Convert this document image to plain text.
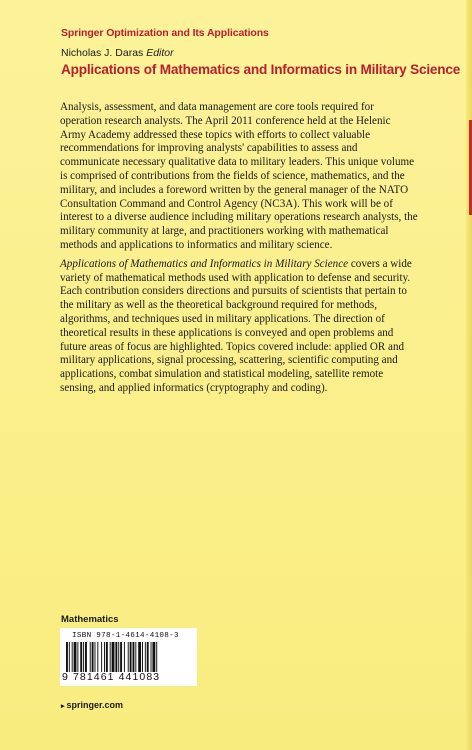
Springer Optimization and Its Applications
Nicholas J. Daras Editor
Applications of Mathematics and Informatics in Military Science

Analysis, assessment, and data management are core tools required for operation research analysts. The April 2011 conference held at the Helenic Army Academy addressed these topics with efforts to collect valuable recommendations for improving analysts' capabilities to assess and communicate necessary qualitative data to military leaders. This unique volume is comprised of contributions from the fields of science, mathematics, and the military, and includes a foreword written by the general manager of the NATO Consultation Command and Control Agency (NC3A). This work will be of interest to a diverse audience including military operations research analysts, the military community at large, and practitioners working with mathematical methods and applications to informatics and military science.

Applications of Mathematics and Informatics in Military Science covers a wide variety of mathematical methods used with application to defense and security. Each contribution considers directions and pursuits of scientists that pertain to the military as well as the theoretical background required for methods, algorithms, and techniques used in military applications. The direction of theoretical results in these applications is conveyed and open problems and future areas of focus are highlighted. Topics covered include: applied OR and military applications, signal processing, scattering, scientific computing and applications, combat simulation and statistical modeling, satellite remote sensing, and applied informatics (cryptography and coding).

Mathematics
ISBN 978-1-4614-4108-3
9 781461 441083
▸ springer.com
